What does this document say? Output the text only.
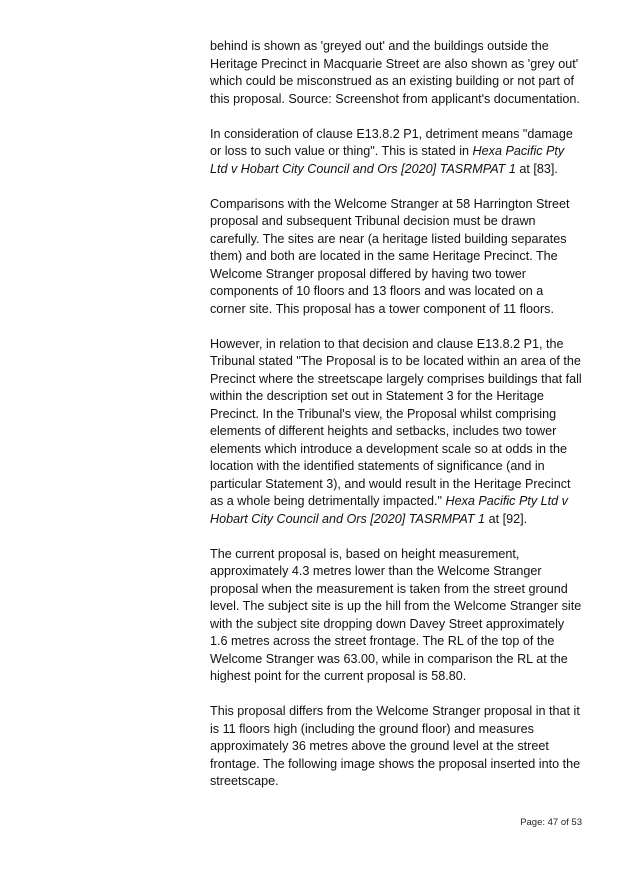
behind is shown as 'greyed out' and the buildings outside the Heritage Precinct in Macquarie Street are also shown as 'grey out' which could be misconstrued as an existing building or not part of this proposal. Source: Screenshot from applicant's documentation.

In consideration of clause E13.8.2 P1, detriment means "damage or loss to such value or thing". This is stated in Hexa Pacific Pty Ltd v Hobart City Council and Ors [2020] TASRMPAT 1 at [83].

Comparisons with the Welcome Stranger at 58 Harrington Street proposal and subsequent Tribunal decision must be drawn carefully. The sites are near (a heritage listed building separates them) and both are located in the same Heritage Precinct. The Welcome Stranger proposal differed by having two tower components of 10 floors and 13 floors and was located on a corner site. This proposal has a tower component of 11 floors.

However, in relation to that decision and clause E13.8.2 P1, the Tribunal stated "The Proposal is to be located within an area of the Precinct where the streetscape largely comprises buildings that fall within the description set out in Statement 3 for the Heritage Precinct. In the Tribunal's view, the Proposal whilst comprising elements of different heights and setbacks, includes two tower elements which introduce a development scale so at odds in the location with the identified statements of significance (and in particular Statement 3), and would result in the Heritage Precinct as a whole being detrimentally impacted." Hexa Pacific Pty Ltd v Hobart City Council and Ors [2020] TASRMPAT 1 at [92].

The current proposal is, based on height measurement, approximately 4.3 metres lower than the Welcome Stranger proposal when the measurement is taken from the street ground level. The subject site is up the hill from the Welcome Stranger site with the subject site dropping down Davey Street approximately 1.6 metres across the street frontage. The RL of the top of the Welcome Stranger was 63.00, while in comparison the RL at the highest point for the current proposal is 58.80.

This proposal differs from the Welcome Stranger proposal in that it is 11 floors high (including the ground floor) and measures approximately 36 metres above the ground level at the street frontage. The following image shows the proposal inserted into the streetscape.

Page: 47 of 53
